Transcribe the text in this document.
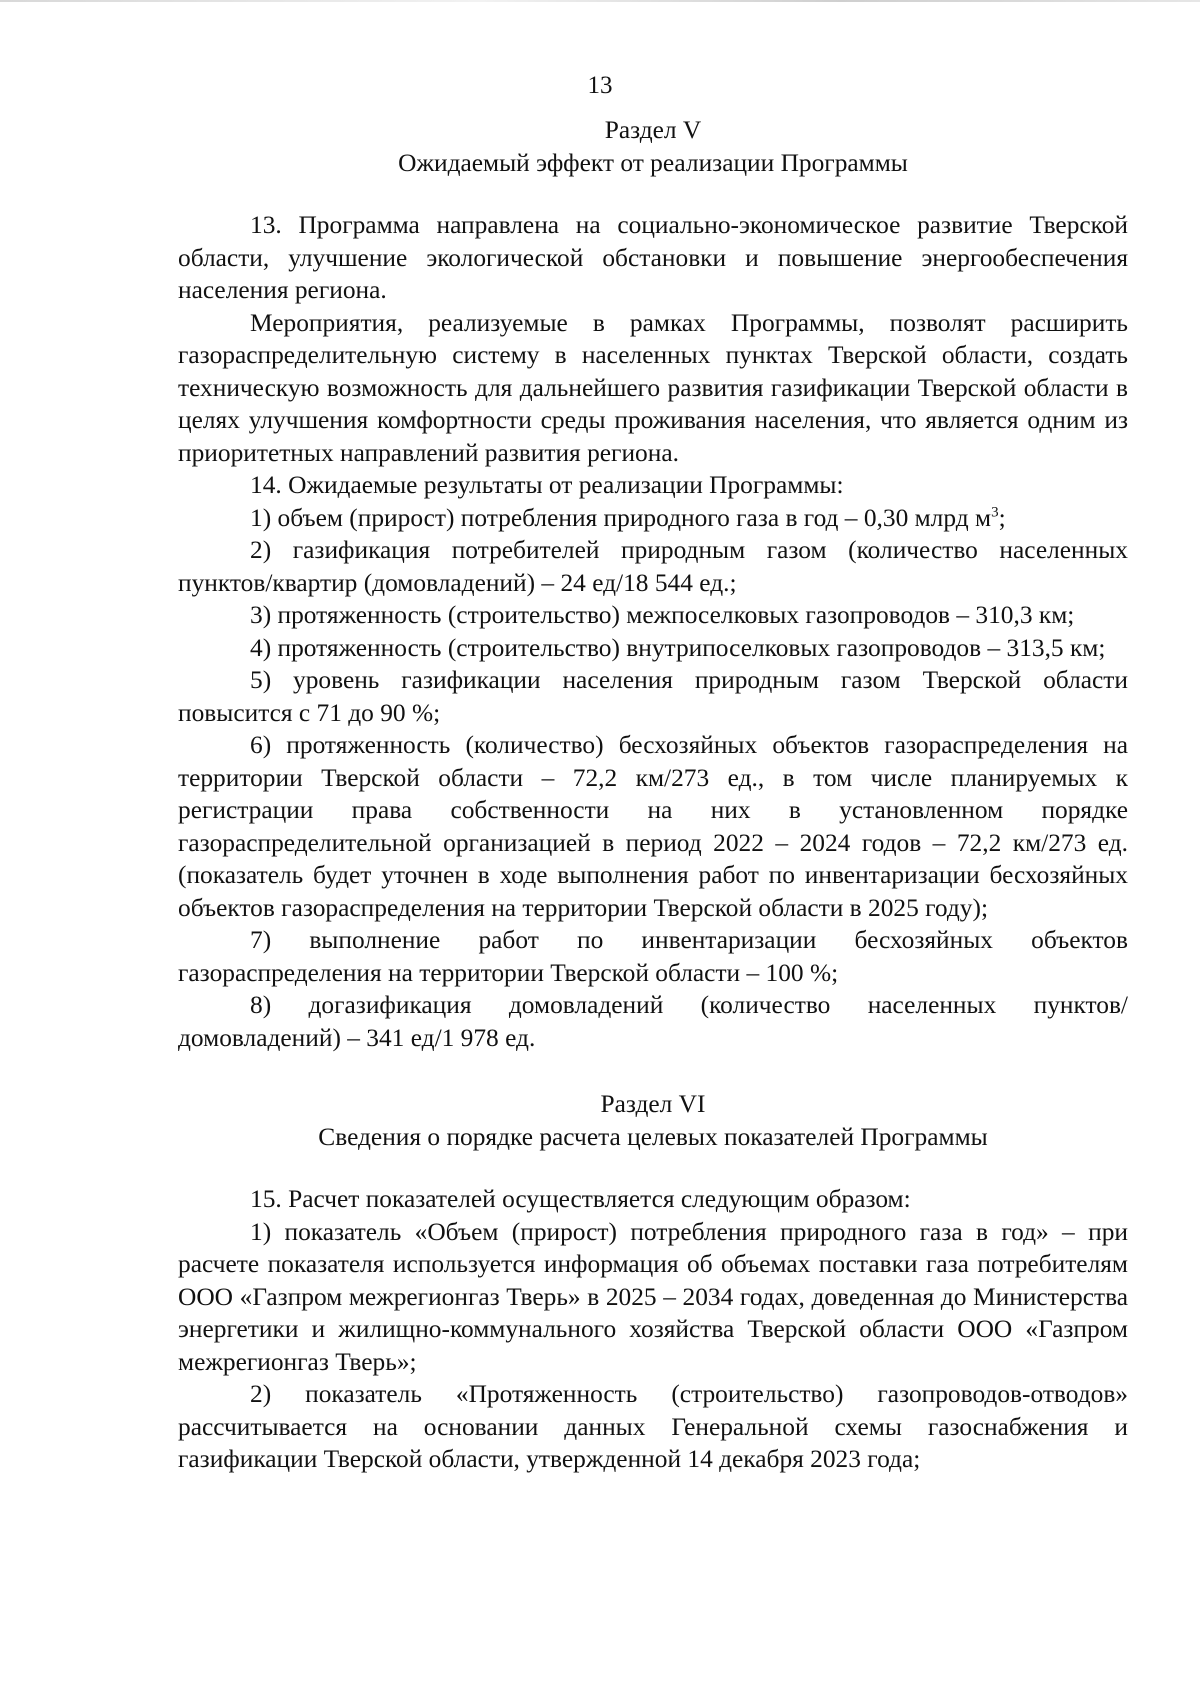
13

Раздел V

Ожидаемый эффект от реализации Программы

13. Программа направлена на социально-экономическое развитие Тверской области, улучшение экологической обстановки и повышение энергообеспечения населения региона.

Мероприятия, реализуемые в рамках Программы, позволят расширить газораспределительную систему в населенных пунктах Тверской области, создать техническую возможность для дальнейшего развития газификации Тверской области в целях улучшения комфортности среды проживания населения, что является одним из приоритетных направлений развития региона.

14. Ожидаемые результаты от реализации Программы:

1) объем (прирост) потребления природного газа в год – 0,30 млрд $м^3$;

2) газификация потребителей природным газом (количество населенных пунктов/квартир (домовладений) – 24 ед/18 544 ед.;

3) протяженность (строительство) межпоселковых газопроводов – 310,3 км;

4) протяженность (строительство) внутрипоселковых газопроводов – 313,5 км;

5) уровень газификации населения природным газом Тверской области повысится с 71 до 90 %;

6) протяженность (количество) бесхозяйных объектов газораспределения на территории Тверской области – 72,2 км/273 ед., в том числе планируемых к регистрации права собственности на них в установленном порядке газораспределительной организацией в период 2022 – 2024 годов – 72,2 км/273 ед. (показатель будет уточнен в ходе выполнения работ по инвентаризации бесхозяйных объектов газораспределения на территории Тверской области в 2025 году);

7) выполнение работ по инвентаризации бесхозяйных объектов газораспределения на территории Тверской области – 100 %;

8) догазификация домовладений (количество населенных пунктов/домовладений) – 341 ед/1 978 ед.

Раздел VI

Сведения о порядке расчета целевых показателей Программы

15. Расчет показателей осуществляется следующим образом:

1) показатель «Объем (прирост) потребления природного газа в год» – при расчете показателя используется информация об объемах поставки газа потребителям ООО «Газпром межрегионгаз Тверь» в 2025 – 2034 годах, доведенная до Министерства энергетики и жилищно-коммунального хозяйства Тверской области ООО «Газпром межрегионгаз Тверь»;

2) показатель «Протяженность (строительство) газопроводов-отводов» рассчитывается на основании данных Генеральной схемы газоснабжения и газификации Тверской области, утвержденной 14 декабря 2023 года;
